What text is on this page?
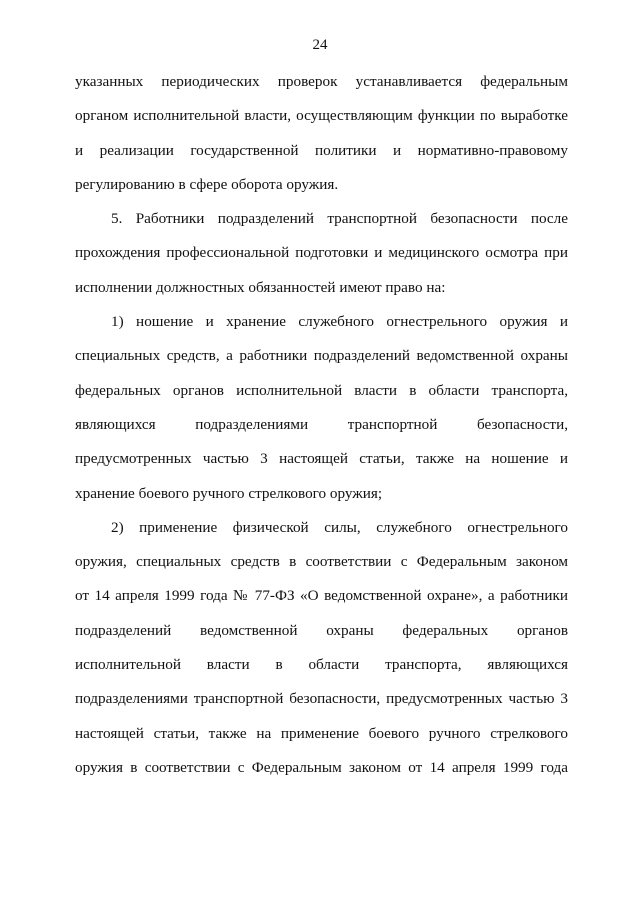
24
указанных периодических проверок устанавливается федеральным
органом исполнительной власти, осуществляющим функции по выработке
и реализации государственной политики и нормативно-правовому
регулированию в сфере оборота оружия.
5. Работники подразделений транспортной безопасности после
прохождения профессиональной подготовки и медицинского осмотра при
исполнении должностных обязанностей имеют право на:
1) ношение и хранение служебного огнестрельного оружия и
специальных средств, а работники подразделений ведомственной охраны
федеральных органов исполнительной власти в области транспорта,
являющихся подразделениями транспортной безопасности,
предусмотренных частью 3 настоящей статьи, также на ношение и
хранение боевого ручного стрелкового оружия;
2) применение физической силы, служебного огнестрельного
оружия, специальных средств в соответствии с Федеральным законом
от 14 апреля 1999 года № 77-ФЗ «О ведомственной охране», а работники
подразделений ведомственной охраны федеральных органов
исполнительной власти в области транспорта, являющихся
подразделениями транспортной безопасности, предусмотренных частью 3
настоящей статьи, также на применение боевого ручного стрелкового
оружия в соответствии с Федеральным законом от 14 апреля 1999 года
